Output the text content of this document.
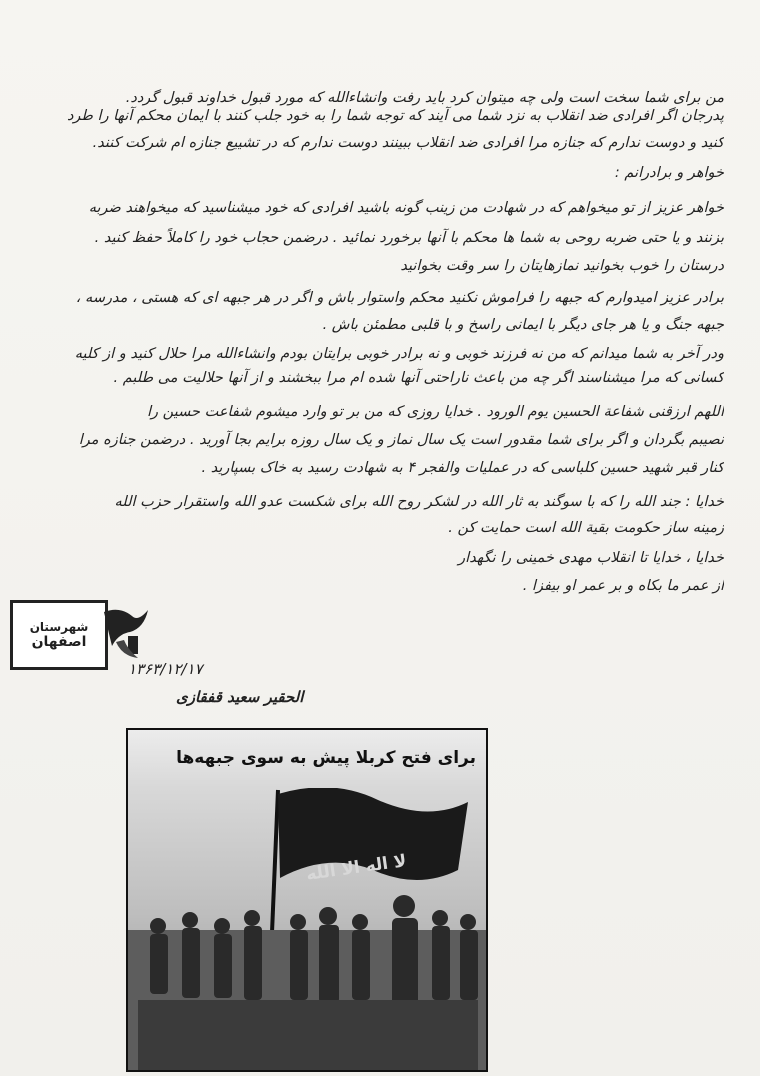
من برای شما سخت است ولی چه میتوان کرد باید رفت وانشاءالله که مورد قبول خداوند قبول گردد.

پدرجان اگر افرادی ضد انقلاب به نزد شما می آیند که توجه شما را به خود جلب کنند با ایمان محکم آنها را طرد

کنید و دوست ندارم که جنازه مرا افرادی ضد انقلاب ببینند دوست ندارم که در تشییع جنازه ام شرکت کنند.

خواهر و برادرانم :

خواهر عزیز از تو میخواهم که در شهادت من زینب گونه باشید افرادی که خود میشناسید که میخواهند ضربه

بزنند و یا حتی ضربه روحی به شما ها محکم با آنها برخورد نمائید . درضمن حجاب خود را کاملاً حفظ کنید .

درستان را خوب بخوانید نمازهایتان را سر وقت بخوانید

برادر عزیز امیدوارم که جبهه را فراموش نکنید محکم واستوار باش و اگر در هر جبهه ای که هستی ، مدرسه ،

جبهه جنگ و یا هر جای دیگر با ایمانی راسخ و با قلبی مطمئن باش .

ودر آخر به شما میدانم که من نه فرزند خوبی و نه برادر خوبی برایتان بودم وانشاءالله مرا حلال کنید و از کلیه

کسانی که مرا میشناسند اگر چه من باعث ناراحتی آنها شده ام مرا ببخشند و از آنها حلالیت می طلبم .

اللهم ارزقنی شفاعة الحسین یوم الورود . خدایا روزی که من بر تو وارد میشوم شفاعت حسین را

نصیبم بگردان و اگر برای شما مقدور است یک سال نماز و یک سال روزه برایم بجا آورید . درضمن جنازه مرا

کنار قبر شهید حسین کلباسی که در عملیات والفجر ۴ به شهادت رسید به خاک بسپارید .

خدایا : جند الله را که با سوگند به ثار الله در لشکر روح الله برای شکست عدو الله واستقرار حزب الله

زمینه ساز حکومت بقیة الله است حمایت کن .

خدایا ، خدایا تا انقلاب مهدی خمینی را نگهدار

از عمر ما بکاه و بر عمر او بیفزا .

شهرستان
اصفهان
۱۳۶۳/۱۲/۱۷
الحقیر سعید قفقازی
برای فتح کربلا پیش به سوی جبهه‌ها
لا اله الا الله
